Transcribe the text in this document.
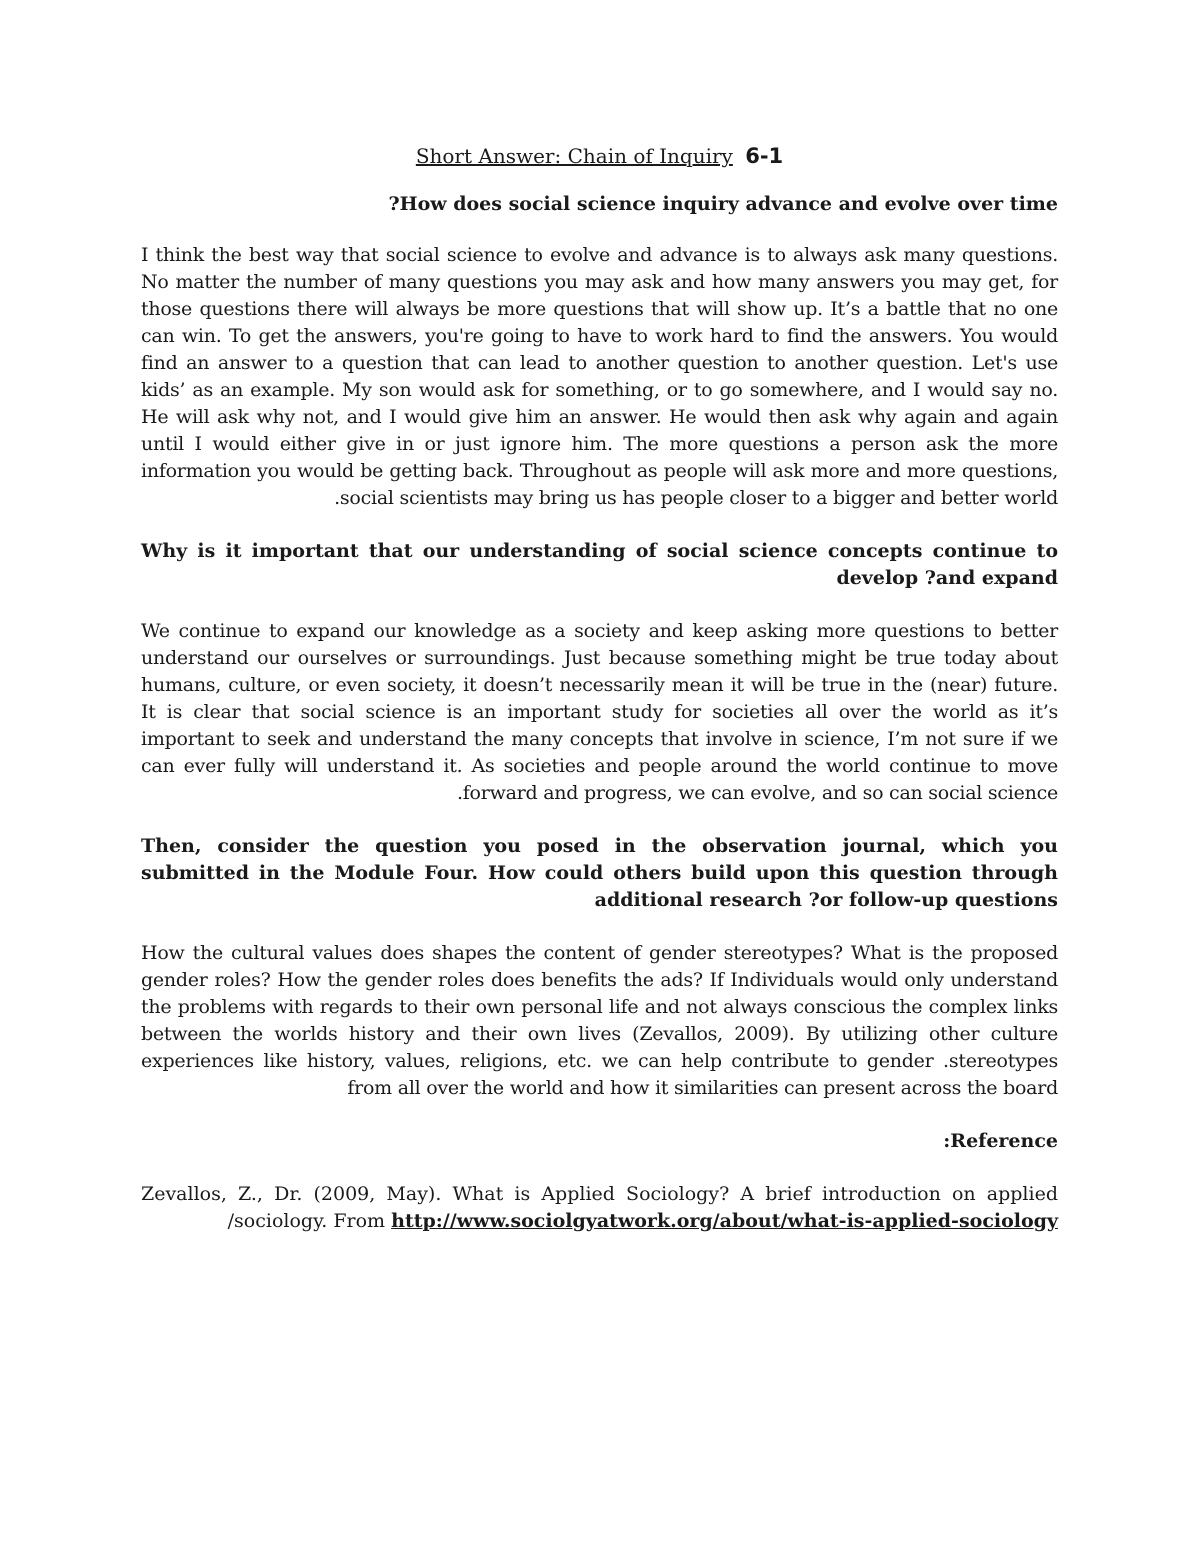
Short Answer: Chain of Inquiry 6-1

?How does social science inquiry advance and evolve over time

I think the best way that social science to evolve and advance is to always ask many questions. No matter the number of many questions you may ask and how many answers you may get, for those questions there will always be more questions that will show up. It’s a battle that no one can win. To get the answers, you're going to have to work hard to find the answers. You would find an answer to a question that can lead to another question to another question. Let's use kids’ as an example. My son would ask for something, or to go somewhere, and I would say no. He will ask why not, and I would give him an answer. He would then ask why again and again until I would either give in or just ignore him. The more questions a person ask the more information you would be getting back. Throughout as people will ask more and more questions, .social scientists may bring us has people closer to a bigger and better world

Why is it important that our understanding of social science concepts continue to develop ?and expand

We continue to expand our knowledge as a society and keep asking more questions to better understand our ourselves or surroundings. Just because something might be true today about humans, culture, or even society, it doesn’t necessarily mean it will be true in the (near) future. It is clear that social science is an important study for societies all over the world as it’s important to seek and understand the many concepts that involve in science, I’m not sure if we can ever fully will understand it. As societies and people around the world continue to move .forward and progress, we can evolve, and so can social science

Then, consider the question you posed in the observation journal, which you submitted in the Module Four. How could others build upon this question through additional research ?or follow-up questions

How the cultural values does shapes the content of gender stereotypes? What is the proposed gender roles? How the gender roles does benefits the ads? If Individuals would only understand the problems with regards to their own personal life and not always conscious the complex links between the worlds history and their own lives (Zevallos, 2009). By utilizing other culture experiences like history, values, religions, etc. we can help contribute to gender .stereotypes from all over the world and how it similarities can present across the board

:Reference

Zevallos, Z., Dr. (2009, May). What is Applied Sociology? A brief introduction on applied /sociology. From http://www.sociolgyatwork.org/about/what-is-applied-sociology
